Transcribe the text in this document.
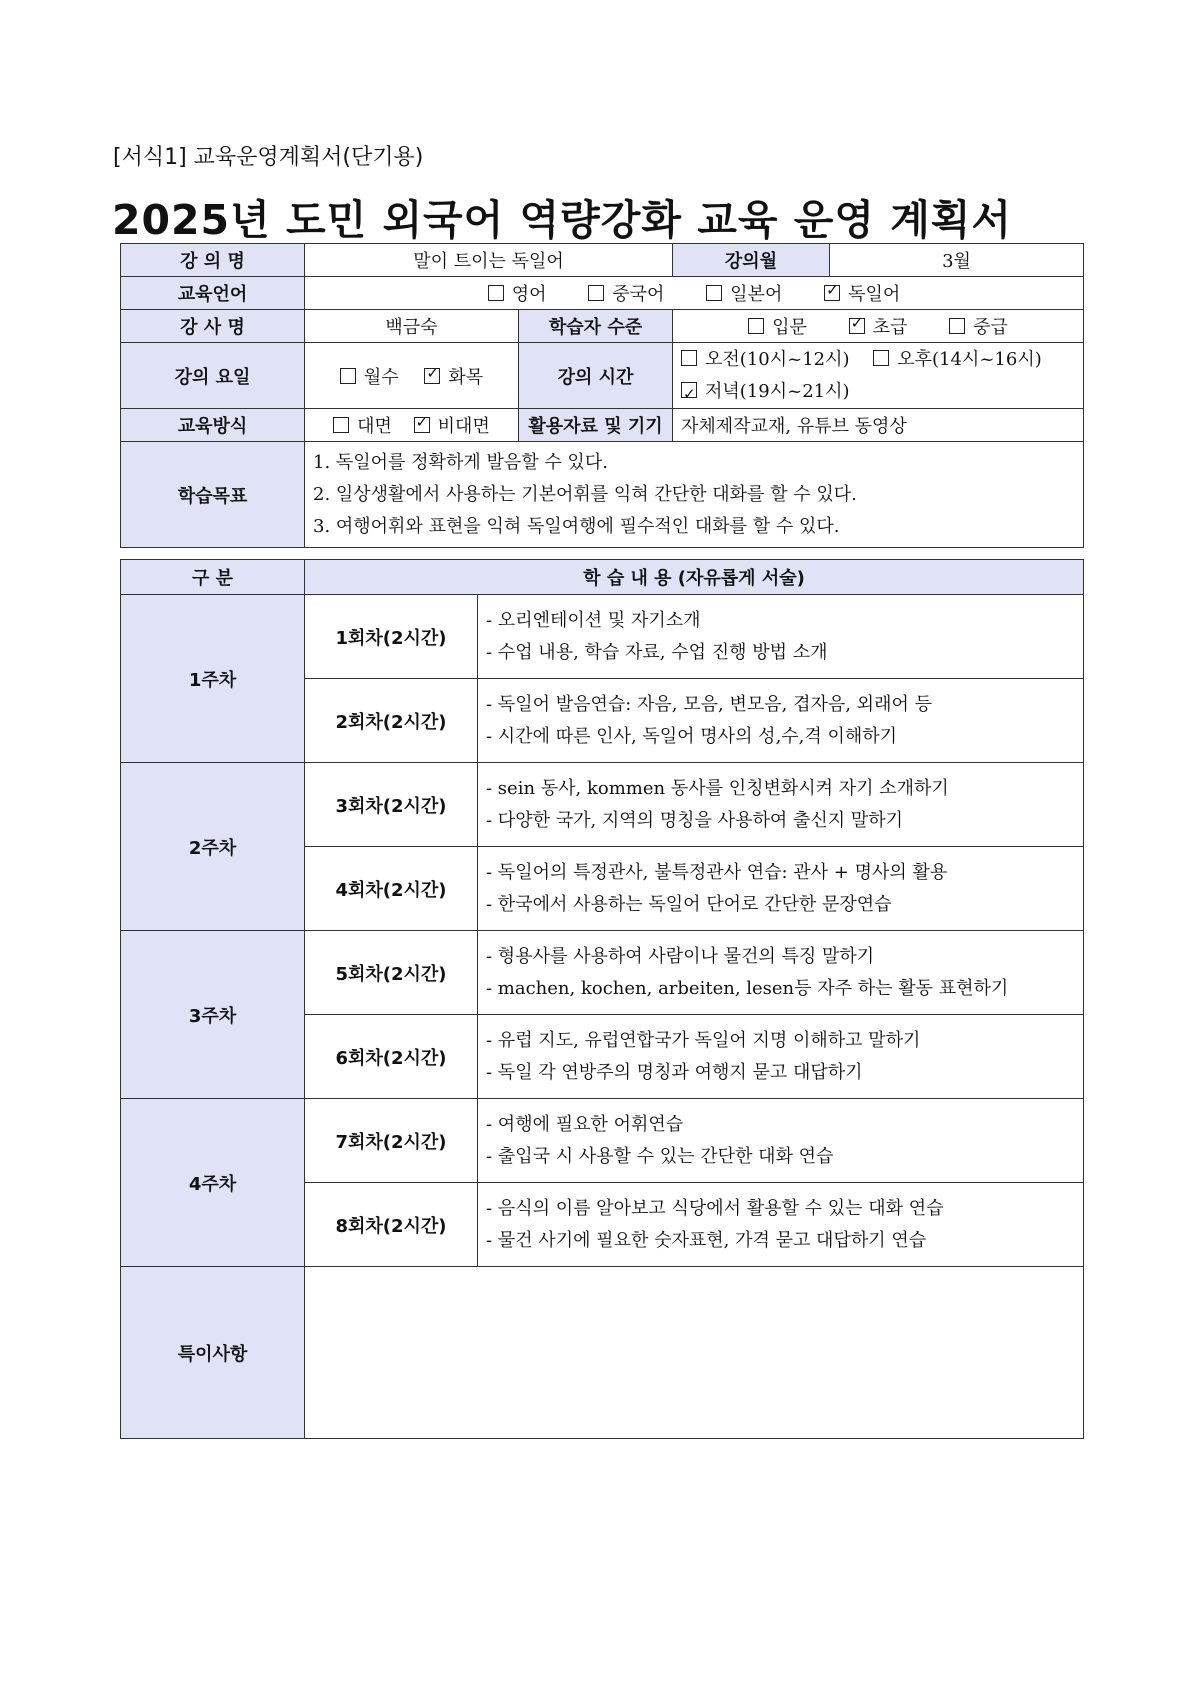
[서식1] 교육운영계획서(단기용)
2025년 도민 외국어 역량강화 교육 운영 계획서
강 의 명	말이 트이는 독일어		강의월	3월
교육언어	영어 중국어 일본어 ✓ 독일어
강 사 명	백금숙	학습자 수준	입문 ✓ 초급 중급
강의 요일	월수 ✓ 화목	강의 시간	오전(10시~12시) 오후(14시~16시)
✓저녁(19시~21시)

교육방식	대면 ✓ 비대면	활용자료 및 기기	자체제작교재, 유튜브 동영상	
학습목표	1. 독일어를 정확하게 발음할 수 있다.
2. 일상생활에서 사용하는 기본어휘를 익혀 간단한 대화를 할 수 있다.
3. 여행어휘와 표현을 익혀 독일여행에 필수적인 대화를 할 수 있다.			
구 분	학 습 내 용 (자유롭게 서술)	
1주차	1회차(2시간)	- 오리엔테이션 및 자기소개
- 수업 내용, 학습 자료, 수업 진행 방법 소개

	2회차(2시간)	- 독일어 발음연습: 자음, 모음, 변모음, 겹자음, 외래어 등
- 시간에 따른 인사, 독일어 명사의 성,수,격 이해하기

2주차	3회차(2시간)	- sein 동사, kommen 동사를 인칭변화시켜 자기 소개하기
- 다양한 국가, 지역의 명칭을 사용하여 출신지 말하기

	4회차(2시간)	- 독일어의 특정관사, 불특정관사 연습: 관사 + 명사의 활용
- 한국에서 사용하는 독일어 단어로 간단한 문장연습

3주차	5회차(2시간)	- 형용사를 사용하여 사람이나 물건의 특징 말하기
- machen, kochen, arbeiten, lesen등 자주 하는 활동 표현하기

	6회차(2시간)	- 유럽 지도, 유럽연합국가 독일어 지명 이해하고 말하기
- 독일 각 연방주의 명칭과 여행지 묻고 대답하기

4주차	7회차(2시간)	- 여행에 필요한 어휘연습
- 출입국 시 사용할 수 있는 간단한 대화 연습

	8회차(2시간)	- 음식의 이름 알아보고 식당에서 활용할 수 있는 대화 연습
- 물건 사기에 필요한 숫자표현, 가격 묻고 대답하기 연습

특이사항		
